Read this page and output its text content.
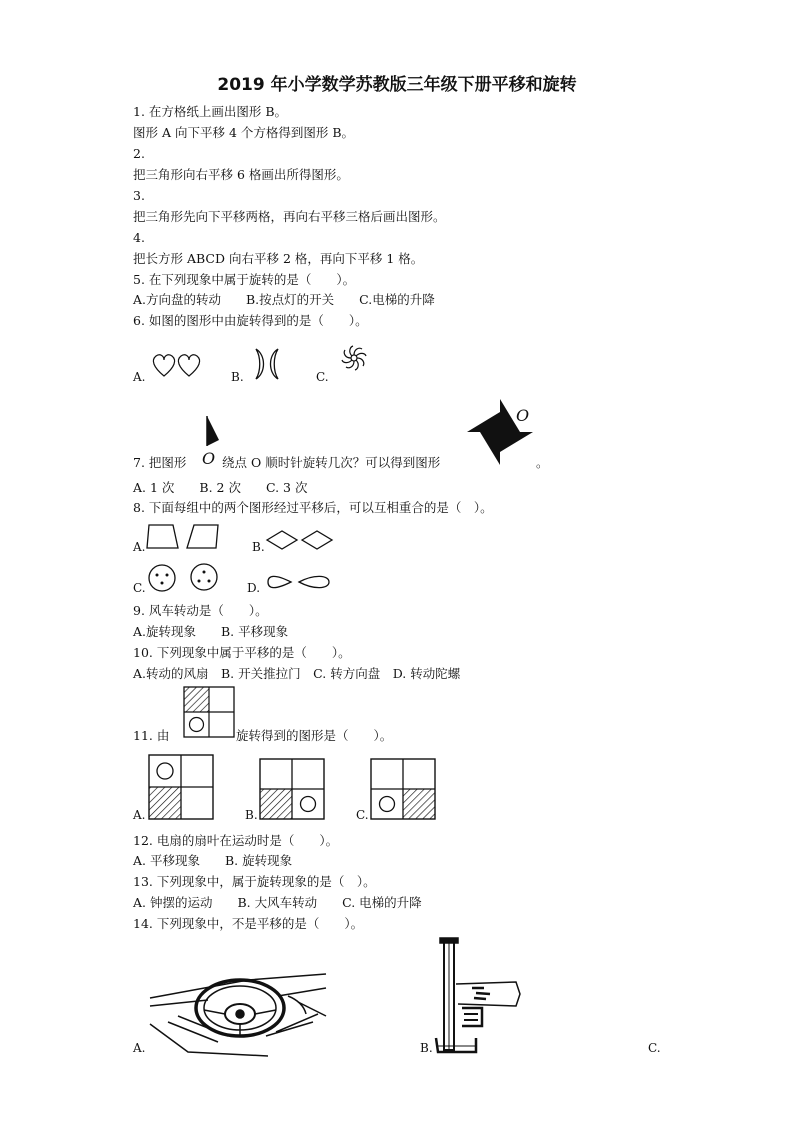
2019 年小学数学苏教版三年级下册平移和旋转
1. 在方格纸上画出图形 B。
图形 A 向下平移 4 个方格得到图形 B。
2.
把三角形向右平移 6 格画出所得图形。
3.
把三角形先向下平移两格，再向右平移三格后画出图形。
4.
把长方形 ABCD 向右平移 2 格，再向下平移 1 格。
5. 在下列现象中属于旋转的是（　　）。
A.方向盘的转动　　B.按点灯的开关　　C.电梯的升降
6. 如图的图形中由旋转得到的是（　　）。
A.	B.	C.
O
7. 把图形 O 绕点 O 顺时针旋转几次？可以得到图形	。
A. 1 次　　B. 2 次　　C. 3 次
8. 下面每组中的两个图形经过平移后，可以互相重合的是（　）。
A.	B.
C.	D.
9. 风车转动是（　　）。
A.旋转现象　　B. 平移现象
10. 下列现象中属于平移的是（　　）。
A.转动的风扇　B. 开关推拉门　C. 转方向盘　D. 转动陀螺
11. 由	旋转得到的图形是（　　）。
A.	B.	C.
12. 电扇的扇叶在运动时是（　　）。
A. 平移现象　　B. 旋转现象
13. 下列现象中，属于旋转现象的是（　）。
A. 钟摆的运动　　B. 大风车转动　　C. 电梯的升降
14. 下列现象中，不是平移的是（　　）。
A.	B.	C.
